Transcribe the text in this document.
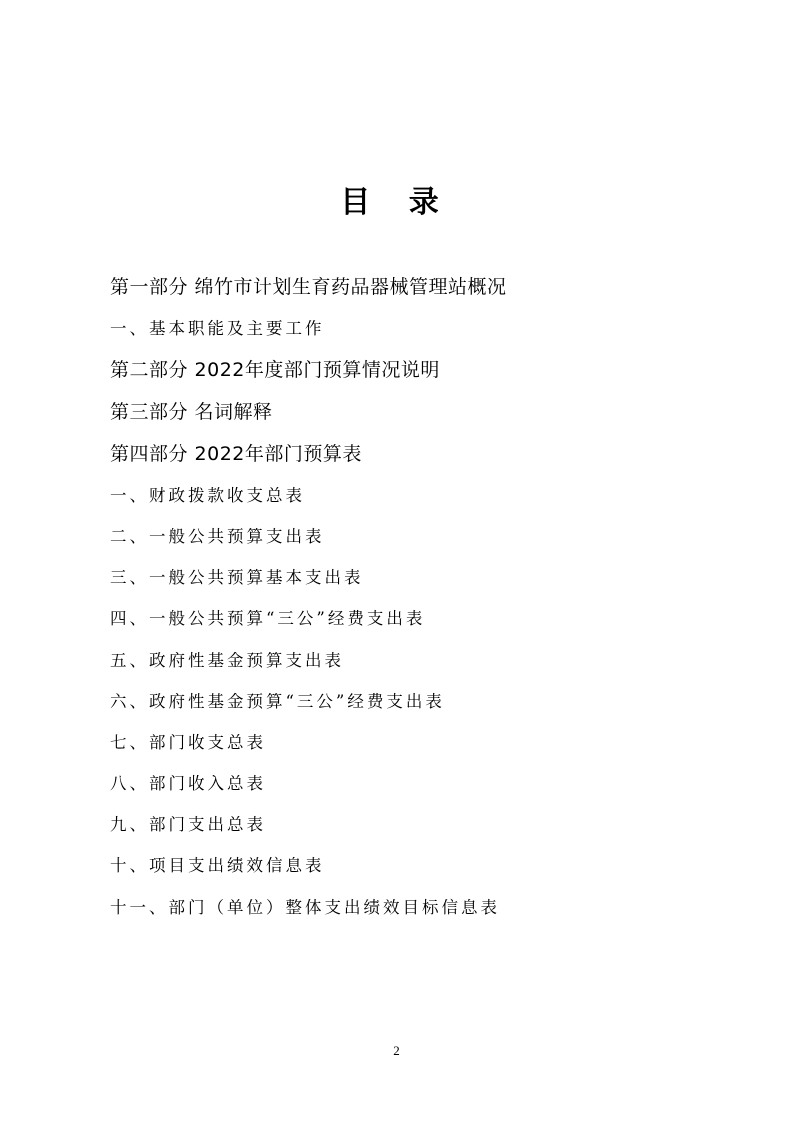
目 录
第一部分 绵竹市计划生育药品器械管理站概况
一、基本职能及主要工作
第二部分 2022年度部门预算情况说明
第三部分 名词解释
第四部分 2022年部门预算表
一、财政拨款收支总表
二、一般公共预算支出表
三、一般公共预算基本支出表
四、一般公共预算“三公”经费支出表
五、政府性基金预算支出表
六、政府性基金预算“三公”经费支出表
七、部门收支总表
八、部门收入总表
九、部门支出总表
十、项目支出绩效信息表
十一、部门（单位）整体支出绩效目标信息表
2
